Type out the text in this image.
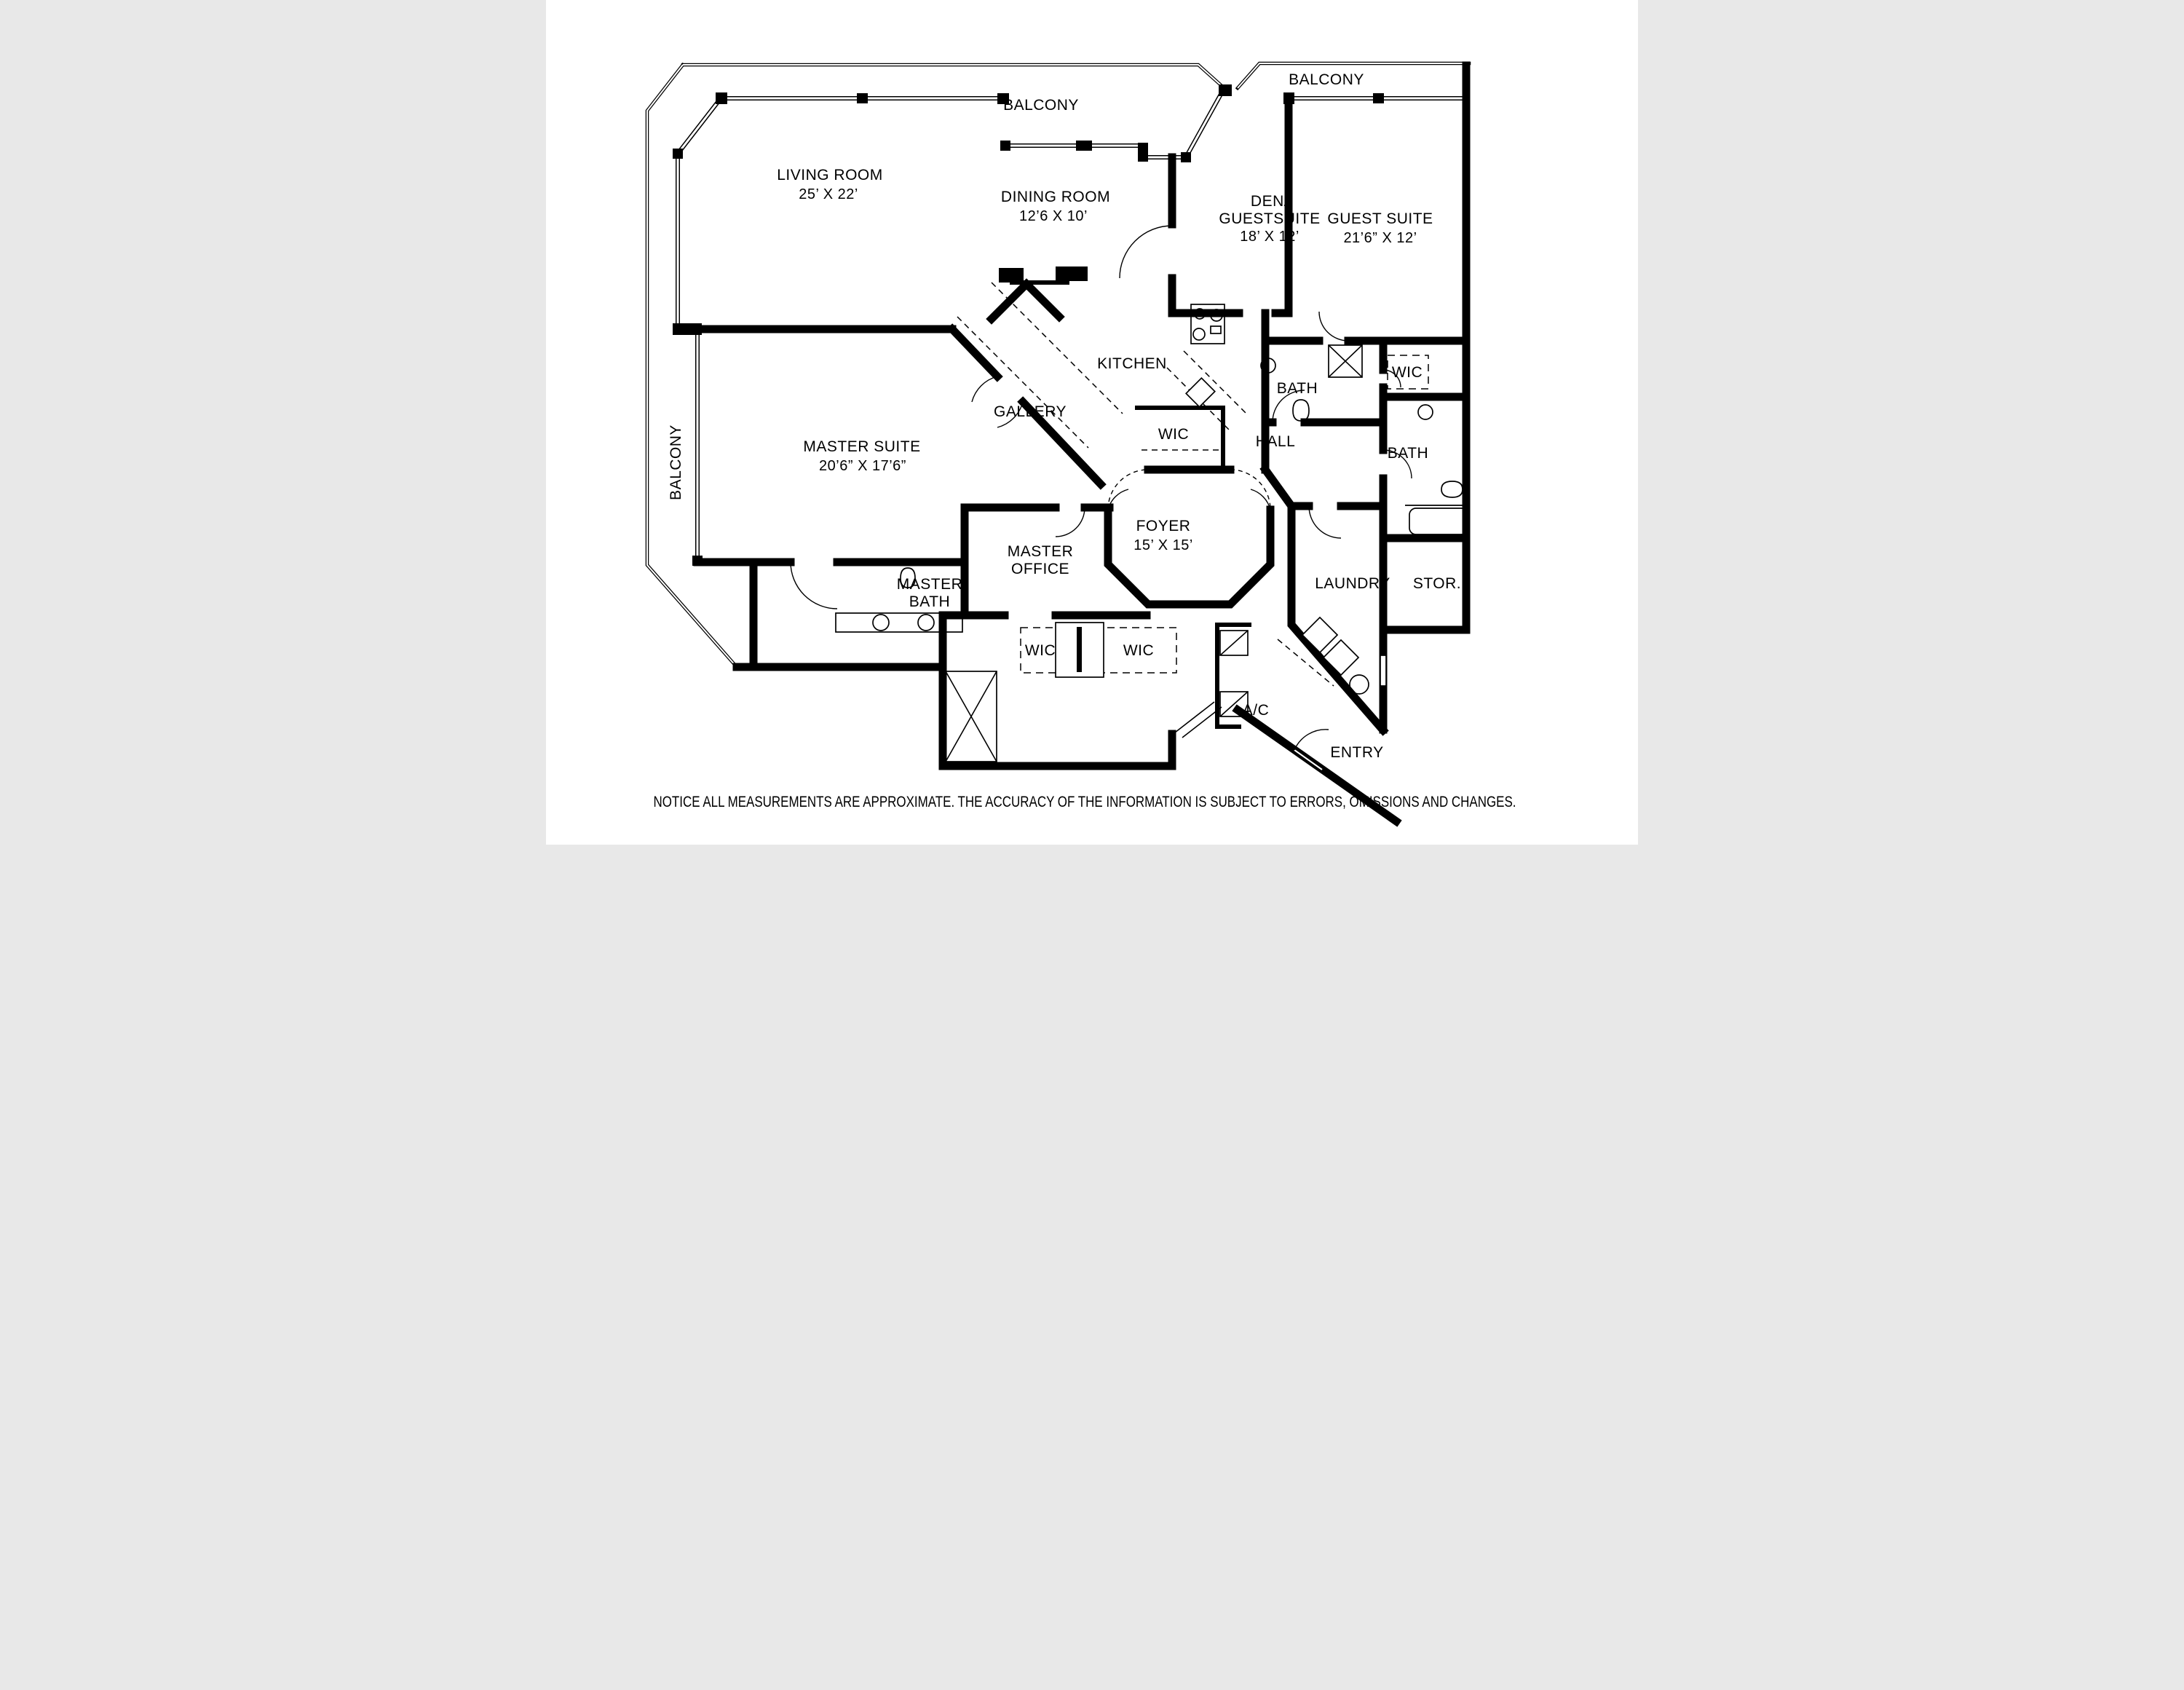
BALCONY
BALCONY
BALCONY
LIVING ROOM
25’ X 22’	DINING ROOM
12’6 X 10’
DEN/
GUESTSUITE
18’ X 12’
GUEST SUITE
21’6” X 12’
KITCHEN
GALLERY
WIC	HALL
BATH
WIC
BATH
MASTER SUITE
20’6” X 17’6”
FOYER
15’ X 15’
MASTER
OFFICE
MASTER
BATH
WIC	WIC
A/C
LAUNDRY STOR.
ENTRY
NOTICE ALL MEASUREMENTS ARE APPROXIMATE. THE ACCURACY OF THE INFORMATION IS SUBJECT TO ERRORS, OMISSIONS AND CHANGES.
